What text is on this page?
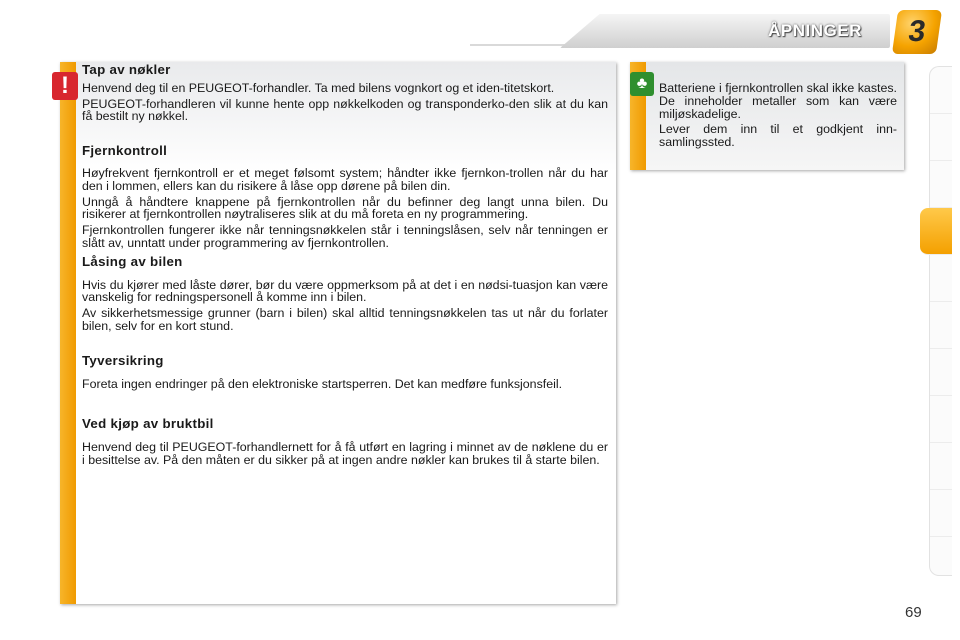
ÅPNINGER	3
!
Tap av nøkler

Henvend deg til en PEUGEOT-forhandler. Ta med bilens vognkort og et iden-titetskort.

PEUGEOT-forhandleren vil kunne hente opp nøkkelkoden og transponderko-den slik at du kan få bestilt ny nøkkel.

Fjernkontroll

Høyfrekvent fjernkontroll er et meget følsomt system; håndter ikke fjernkon-trollen når du har den i lommen, ellers kan du risikere å låse opp dørene på bilen din.

Unngå å håndtere knappene på fjernkontrollen når du befinner deg langt unna bilen. Du risikerer at fjernkontrollen nøytraliseres slik at du må foreta en ny programmering.

Fjernkontrollen fungerer ikke når tenningsnøkkelen står i tenningslåsen, selv når tenningen er slått av, unntatt under programmering av fjernkontrollen.

Låsing av bilen

Hvis du kjører med låste dører, bør du være oppmerksom på at det i en nødsi-tuasjon kan være vanskelig for redningspersonell å komme inn i bilen.

Av sikkerhetsmessige grunner (barn i bilen) skal alltid tenningsnøkkelen tas ut når du forlater bilen, selv for en kort stund.

Tyversikring

Foreta ingen endringer på den elektroniske startsperren. Det kan medføre funksjonsfeil.

Ved kjøp av bruktbil

Henvend deg til PEUGEOT-forhandlernett for å få utført en lagring i minnet av de nøklene du er i besittelse av. På den måten er du sikker på at ingen andre nøkler kan brukes til å starte bilen.

♣ Batteriene i fjernkontrollen skal ikke kastes. De inneholder metaller som kan være miljøskadelige.

Lever dem inn til et godkjent inn-samlingssted.

69
